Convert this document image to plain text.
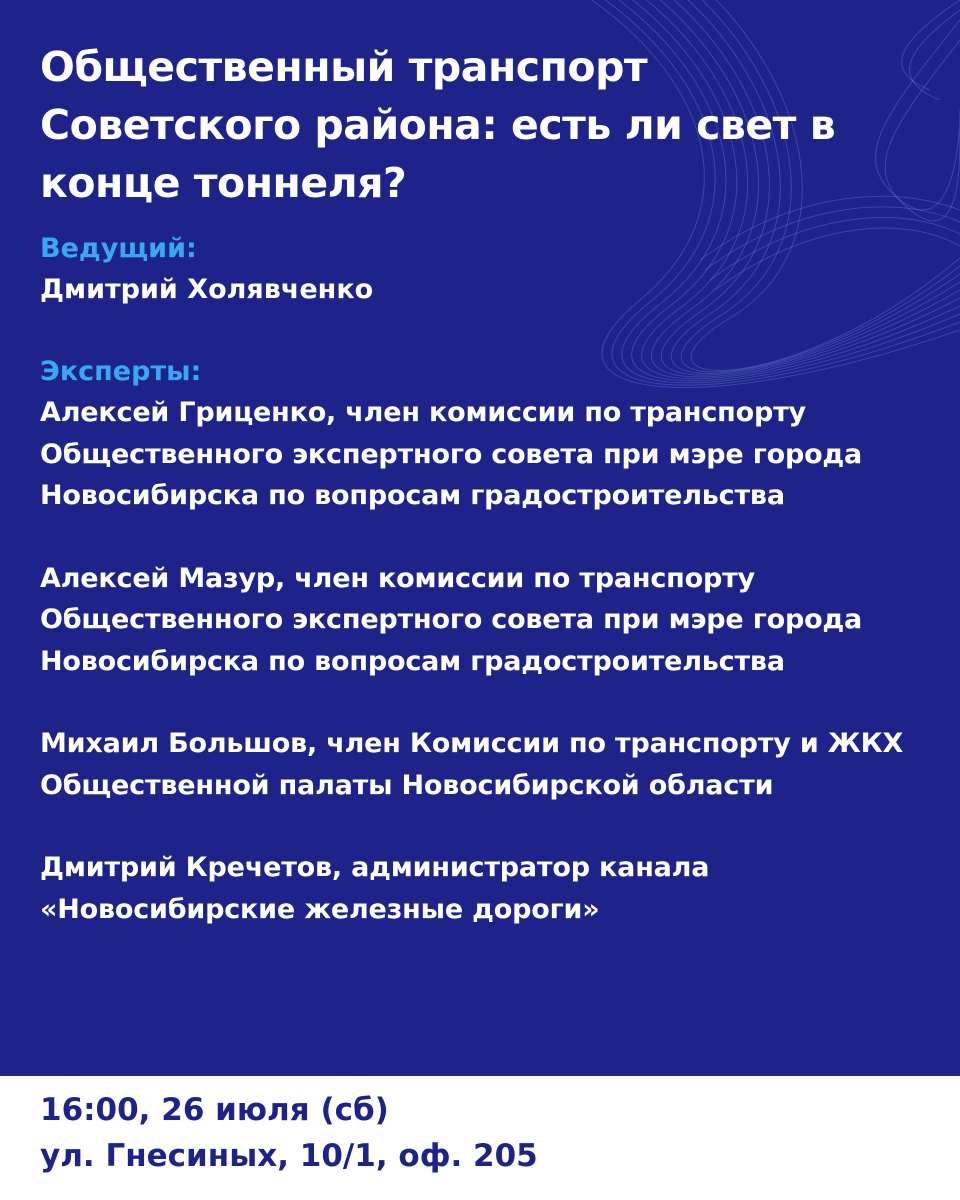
Общественный транспорт Советского района: есть ли свет в конце тоннеля?
Ведущий:
Дмитрий Холявченко
Эксперты:
Алексей Гриценко, член комиссии по транспорту Общественного экспертного совета при мэре города Новосибирска по вопросам градостроительства
Алексей Мазур, член комиссии по транспорту Общественного экспертного совета при мэре города Новосибирска по вопросам градостроительства
Михаил Большов, член Комиссии по транспорту и ЖКХ Общественной палаты Новосибирской области
Дмитрий Кречетов, администратор канала «Новосибирские железные дороги»
16:00, 26 июля (сб)
ул. Гнесиных, 10/1, оф. 205
